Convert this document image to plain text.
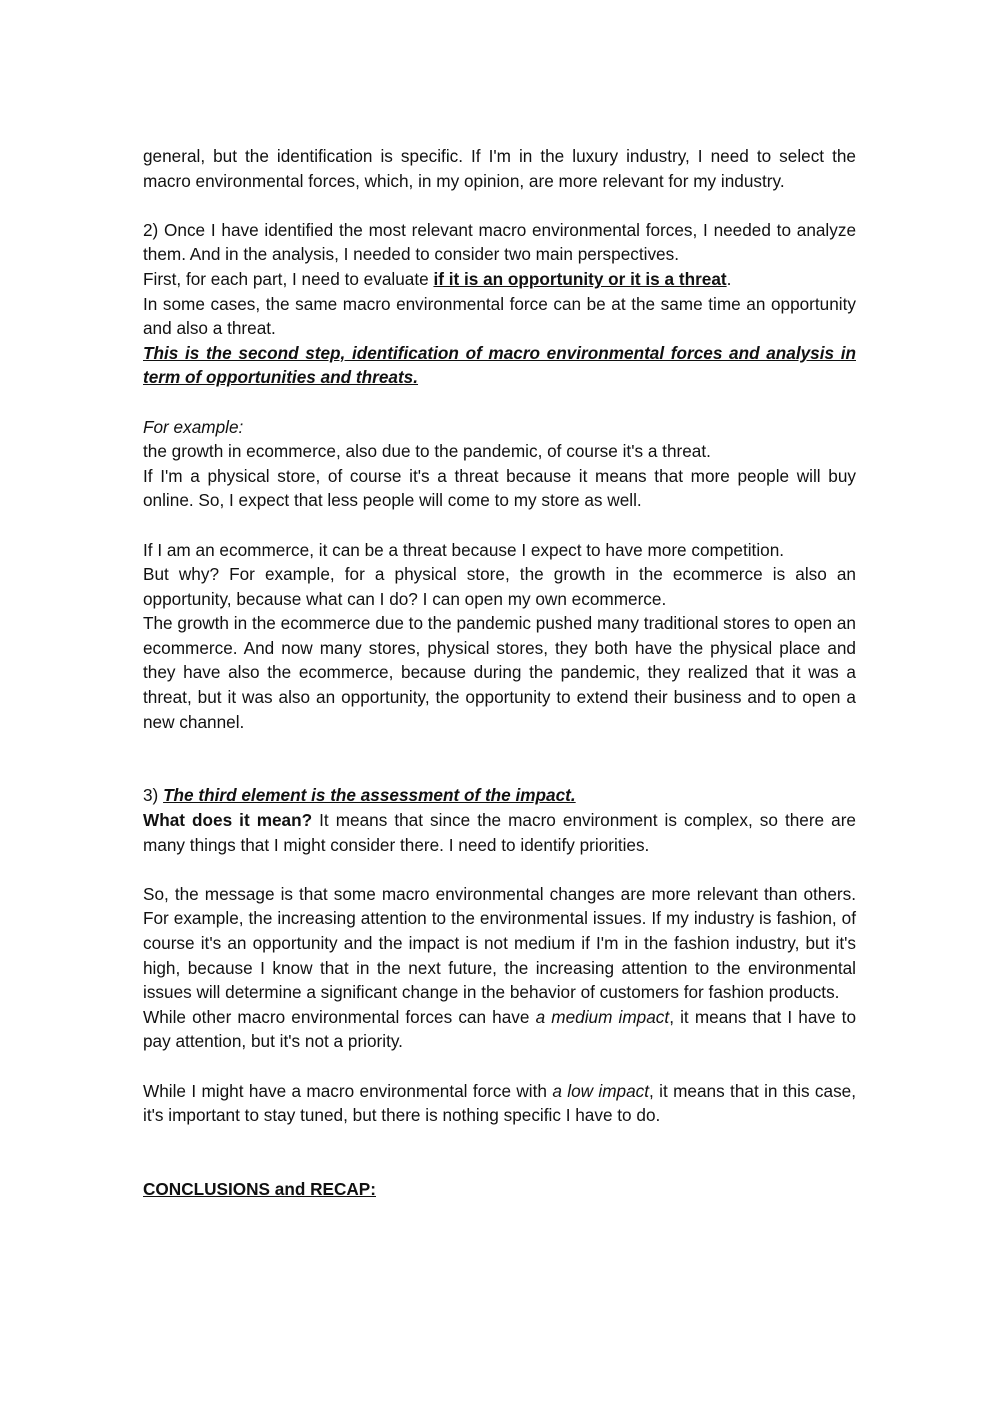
general, but the identification is specific. If I'm in the luxury industry, I need to select the macro environmental forces, which, in my opinion, are more relevant for my industry.

2) Once I have identified the most relevant macro environmental forces, I needed to analyze them. And in the analysis, I needed to consider two main perspectives.

First, for each part, I need to evaluate if it is an opportunity or it is a threat.

In some cases, the same macro environmental force can be at the same time an opportunity and also a threat.

This is the second step, identification of macro environmental forces and analysis in term of opportunities and threats.

For example:

the growth in ecommerce, also due to the pandemic, of course it's a threat.

If I'm a physical store, of course it's a threat because it means that more people will buy online. So, I expect that less people will come to my store as well.

If I am an ecommerce, it can be a threat because I expect to have more competition.

But why? For example, for a physical store, the growth in the ecommerce is also an opportunity, because what can I do? I can open my own ecommerce.

The growth in the ecommerce due to the pandemic pushed many traditional stores to open an ecommerce. And now many stores, physical stores, they both have the physical place and they have also the ecommerce, because during the pandemic, they realized that it was a threat, but it was also an opportunity, the opportunity to extend their business and to open a new channel.

3) The third element is the assessment of the impact.

What does it mean? It means that since the macro environment is complex, so there are many things that I might consider there. I need to identify priorities.

So, the message is that some macro environmental changes are more relevant than others. For example, the increasing attention to the environmental issues. If my industry is fashion, of course it's an opportunity and the impact is not medium if I'm in the fashion industry, but it's high, because I know that in the next future, the increasing attention to the environmental issues will determine a significant change in the behavior of customers for fashion products.

While other macro environmental forces can have a medium impact, it means that I have to pay attention, but it's not a priority.

While I might have a macro environmental force with a low impact, it means that in this case, it's important to stay tuned, but there is nothing specific I have to do.

CONCLUSIONS and RECAP:
